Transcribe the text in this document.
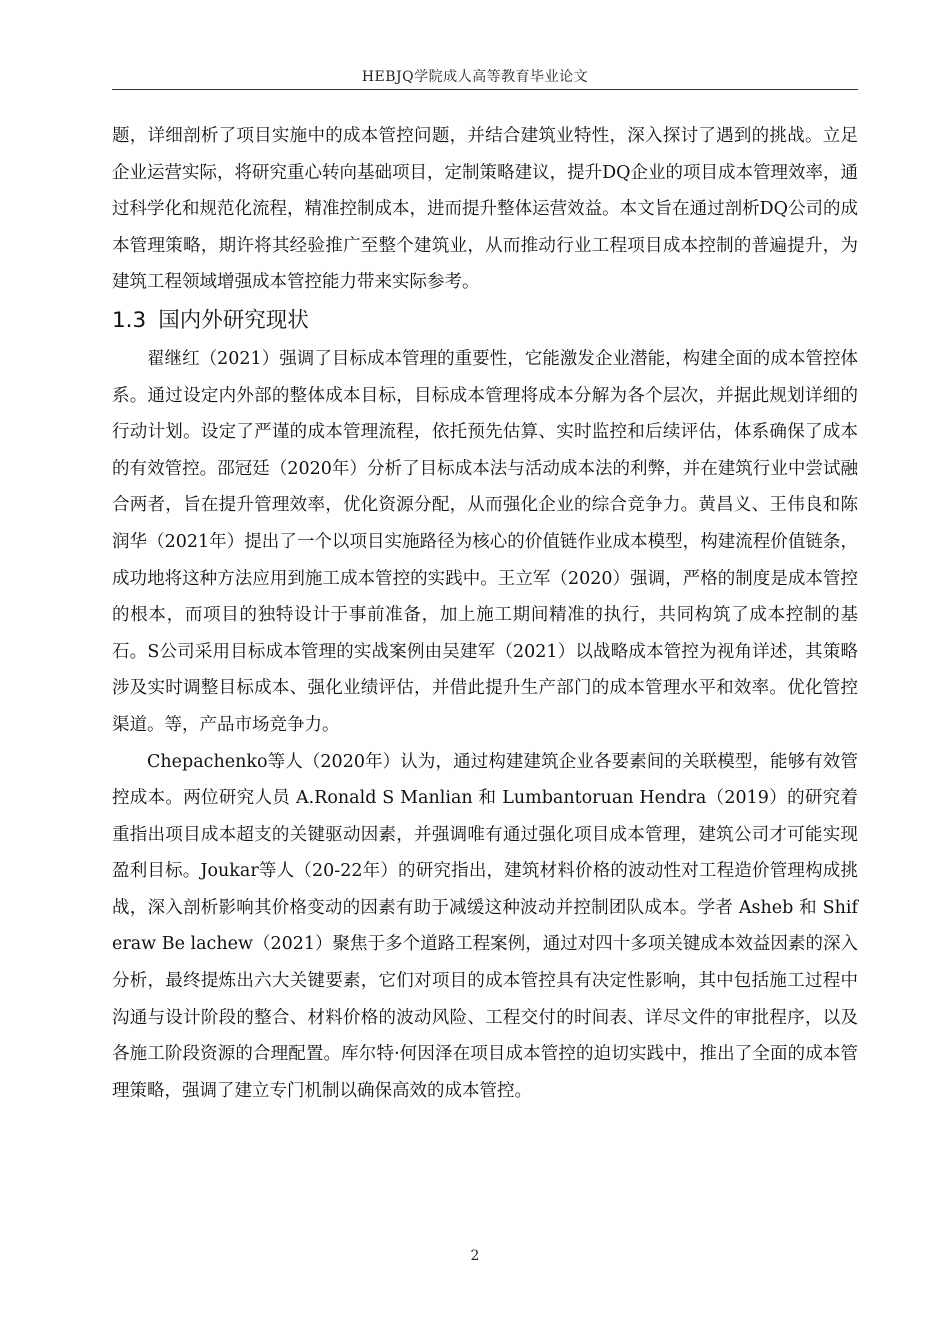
HEBJQ学院成人高等教育毕业论文

题，详细剖析了项目实施中的成本管控问题，并结合建筑业特性，深入探讨了遇到的挑战。立足企业运营实际，将研究重心转向基础项目，定制策略建议，提升DQ企业的项目成本管理效率，通过科学化和规范化流程，精准控制成本，进而提升整体运营效益。本文旨在通过剖析DQ公司的成本管理策略，期许将其经验推广至整个建筑业，从而推动行业工程项目成本控制的普遍提升，为建筑工程领域增强成本管控能力带来实际参考。

1.3 国内外研究现状

翟继红（2021）强调了目标成本管理的重要性，它能激发企业潜能，构建全面的成本管控体系。通过设定内外部的整体成本目标，目标成本管理将成本分解为各个层次，并据此规划详细的行动计划。设定了严谨的成本管理流程，依托预先估算、实时监控和后续评估，体系确保了成本的有效管控。邵冠廷（2020年）分析了目标成本法与活动成本法的利弊，并在建筑行业中尝试融合两者，旨在提升管理效率，优化资源分配，从而强化企业的综合竞争力。黄昌义、王伟良和陈润华（2021年）提出了一个以项目实施路径为核心的价值链作业成本模型，构建流程价值链条，成功地将这种方法应用到施工成本管控的实践中。王立军（2020）强调，严格的制度是成本管控的根本，而项目的独特设计于事前准备，加上施工期间精准的执行，共同构筑了成本控制的基石。S公司采用目标成本管理的实战案例由吴建军（2021）以战略成本管控为视角详述，其策略涉及实时调整目标成本、强化业绩评估，并借此提升生产部门的成本管理水平和效率。优化管控渠道。等，产品市场竞争力。

Chepachenko等人（2020年）认为，通过构建建筑企业各要素间的关联模型，能够有效管控成本。两位研究人员 A.Ronald S Manlian 和 Lumbantoruan Hendra（2019）的研究着重指出项目成本超支的关键驱动因素，并强调唯有通过强化项目成本管理，建筑公司才可能实现盈利目标。Joukar等人（20-22年）的研究指出，建筑材料价格的波动性对工程造价管理构成挑战，深入剖析影响其价格变动的因素有助于减缓这种波动并控制团队成本。学者 Asheb 和 Shiferaw Be lachew（2021）聚焦于多个道路工程案例，通过对四十多项关键成本效益因素的深入分析，最终提炼出六大关键要素，它们对项目的成本管控具有决定性影响，其中包括施工过程中沟通与设计阶段的整合、材料价格的波动风险、工程交付的时间表、详尽文件的审批程序，以及各施工阶段资源的合理配置。库尔特·何因泽在项目成本管控的迫切实践中，推出了全面的成本管理策略，强调了建立专门机制以确保高效的成本管控。

2
